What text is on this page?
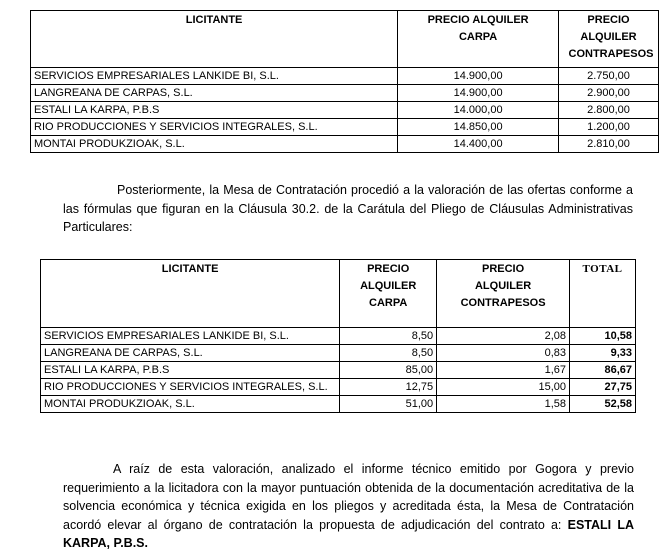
LICITANTE	PRECIO ALQUILER CARPA	PRECIO ALQUILER CONTRAPESOS

SERVICIOS EMPRESARIALES LANKIDE BI, S.L.	14.900,00	2.750,00
LANGREANA DE CARPAS, S.L.	14.900,00	2.900,00
ESTALI LA KARPA, P.B.S	14.000,00	2.800,00
RIO PRODUCCIONES Y SERVICIOS INTEGRALES, S.L.	14.850,00	1.200,00
MONTAI PRODUKZIOAK, S.L.	14.400,00	2.810,00
Posteriormente, la Mesa de Contratación procedió a la valoración de las ofertas conforme a las fórmulas que figuran en la Cláusula 30.2. de la Carátula del Pliego de Cláusulas Administrativas Particulares:
LICITANTE	PRECIO ALQUILER CARPA	PRECIO ALQUILER CONTRAPESOS	TOTAL
SERVICIOS EMPRESARIALES LANKIDE BI, S.L.	8,50	2,08	10,58
LANGREANA DE CARPAS, S.L.	8,50	0,83	9,33
ESTALI LA KARPA, P.B.S	85,00	1,67	86,67
RIO PRODUCCIONES Y SERVICIOS INTEGRALES, S.L.	12,75	15,00	27,75
MONTAI PRODUKZIOAK, S.L.	51,00	1,58	52,58
A raíz de esta valoración, analizado el informe técnico emitido por Gogora y previo requerimiento a la licitadora con la mayor puntuación obtenida de la documentación acreditativa de la solvencia económica y técnica exigida en los pliegos y acreditada ésta, la Mesa de Contratación acordó elevar al órgano de contratación la propuesta de adjudicación del contrato a: ESTALI LA KARPA, P.B.S.
